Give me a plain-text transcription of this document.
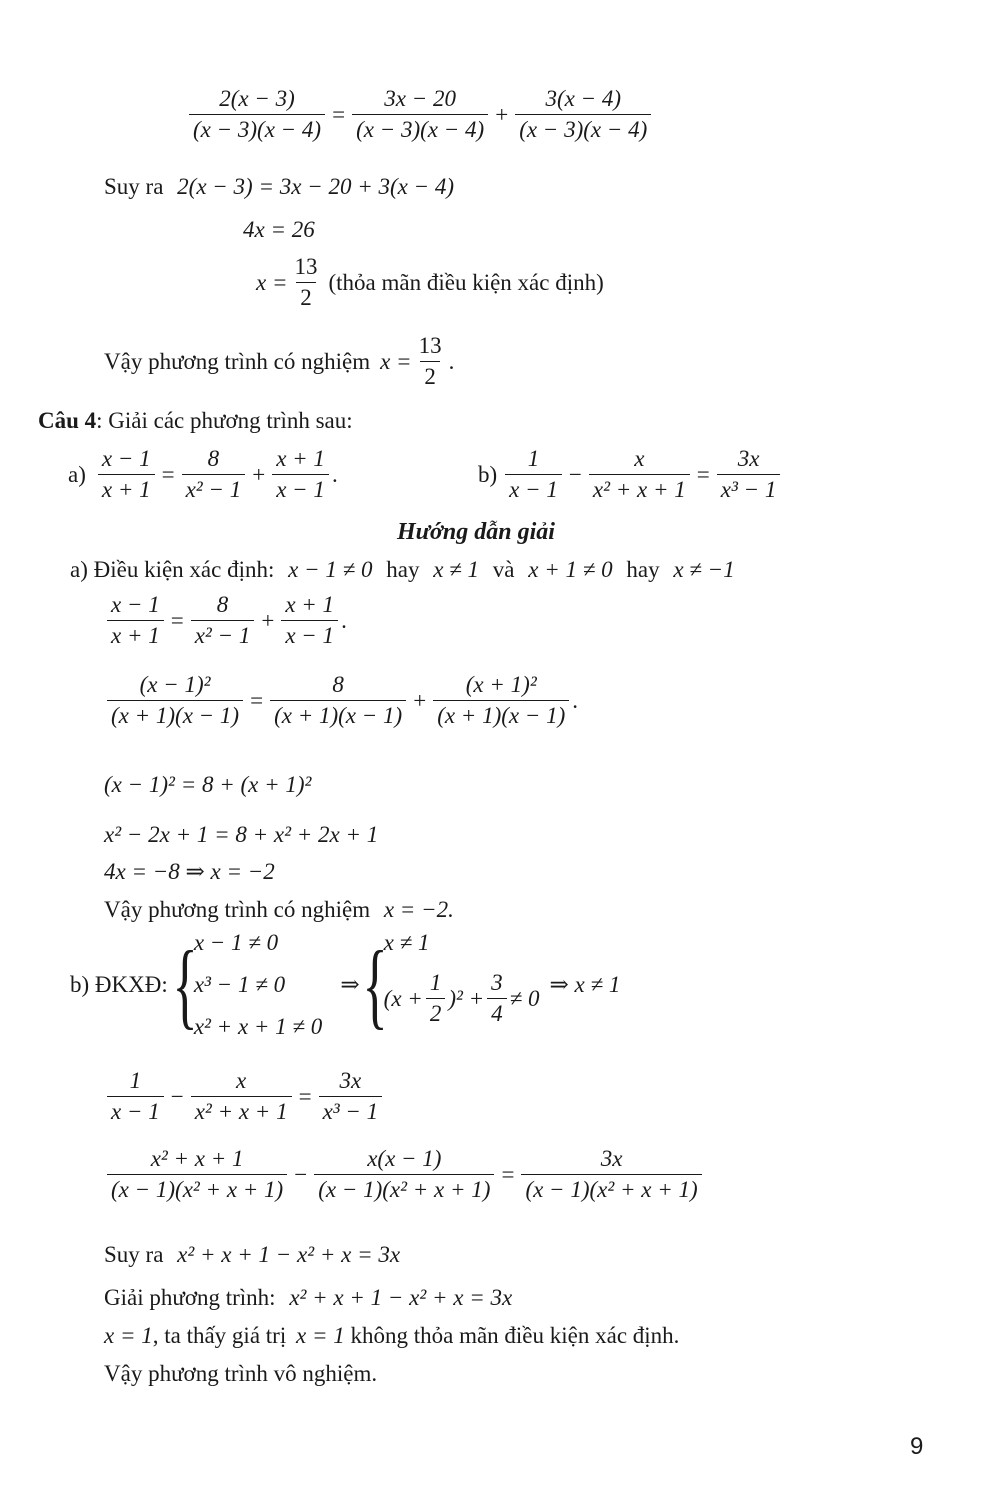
$\frac{2(x - 3)}{(x - 3)(x - 4)} = \frac{3x - 20}{(x - 3)(x - 4)} + \frac{3(x - 4)}{(x - 3)(x - 4)}$
Suy ra 2(x − 3) = 3x − 20 + 3(x − 4)
4x = 26
$x = \frac{13}{2}$ (thỏa mãn điều kiện xác định)
Vậy phương trình có nghiệm $x = \frac{13}{2}$ .
Câu 4: Giải các phương trình sau:
$a) \frac{x - 1}{x + 1} = \frac{8}{\text{x² − 1}} + \frac{x + 1}{x - 1}$ .	b)
1
x − 1
− $\frac{x}{\text{x² + x + 1}} = \frac{3x}{\text{x³ − 1}}$
Hướng dẫn giải
a) Điều kiện xác định: x − 1 ≠ 0 hay x ≠ 1 và x + 1 ≠ 0 hay x ≠ −1
$\frac{x - 1}{x + 1} = \frac{8}{\text{x² − 1}} + \frac{x + 1}{x - 1}$ .
$\frac{\text{(x − 1)²}}{(x + 1)(x - 1)} = \frac{8}{(x + 1)(x - 1)} + \frac{\text{(x + 1)²}}{(x + 1)(x - 1)}$ .
(x − 1)² = 8 + (x + 1)²
x² − 2x + 1 = 8 + x² + 2x + 1
4x = −8 ⇒ x = −2
Vậy phương trình có nghiệm x = −2.
b) ĐKXĐ: {
x − 1 ≠ 0
x³ − 1 ≠ 0
x² + x + 1 ≠ 0
⇒ {
x ≠ 1
$(x + \frac{1}{2} )^2 + \frac{3}{4} \ne 0$
⇒ x ≠ 1
1
x − 1
− $\frac{x}{\text{x² + x + 1}} = \frac{3x}{\text{x³ − 1}}$
x² + x + 1
(x − 1)(x² + x + 1)
− $\frac{x(x - 1)}{\text{(x − 1)(x² + x + 1)}} = \frac{3x}{\text{(x − 1)(x² + x + 1)}}$
Suy ra x² + x + 1 − x² + x = 3x
Giải phương trình: x² + x + 1 − x² + x = 3x
x = 1, ta thấy giá trị x = 1 không thỏa mãn điều kiện xác định.
Vậy phương trình vô nghiệm.
9
